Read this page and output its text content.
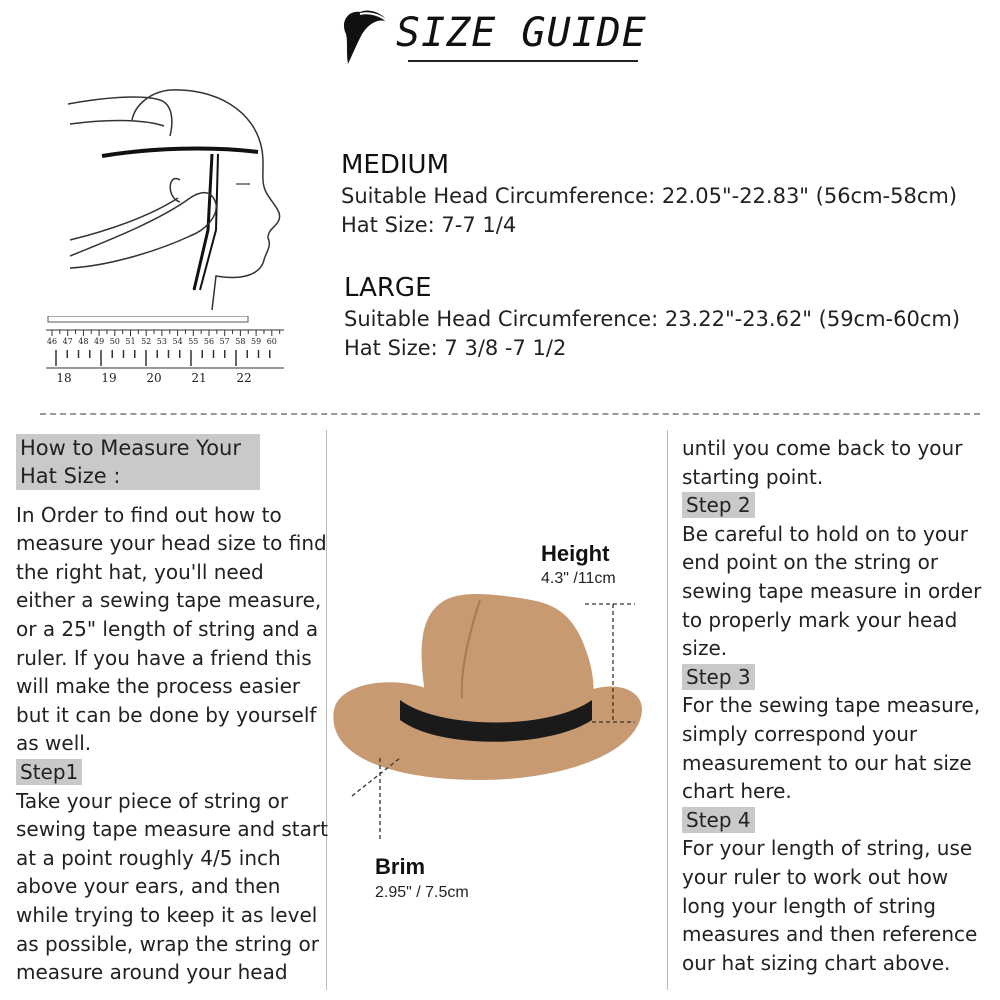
SIZE GUIDE
46 47 48 49 50 51 52 53 54 55 56 57 58 59 60
18 19 20 21 22
MEDIUM
Suitable Head Circumference: 22.05"-22.83" (56cm-58cm)
Hat Size: 7-7 1/4
LARGE
Suitable Head Circumference: 23.22"-23.62" (59cm-60cm)
Hat Size: 7 3/8 -7 1/2
How to Measure Your Hat Size :

In Order to find out how to measure your head size to find the right hat, you'll need either a sewing tape measure, or a 25" length of string and a ruler. If you have a friend this will make the process easier but it can be done by yourself as well.

Step1

Take your piece of string or sewing tape measure and start at a point roughly 4/5 inch above your ears, and then while trying to keep it as level as possible, wrap the string or measure around your head

Height
4.3" /11cm
Brim
2.95" / 7.5cm

until you come back to your starting point.

Step 2

Be careful to hold on to your end point on the string or sewing tape measure in order to properly mark your head size.

Step 3

For the sewing tape measure, simply correspond your measurement to our hat size chart here.

Step 4

For your length of string, use your ruler to work out how long your length of string measures and then reference our hat sizing chart above.
